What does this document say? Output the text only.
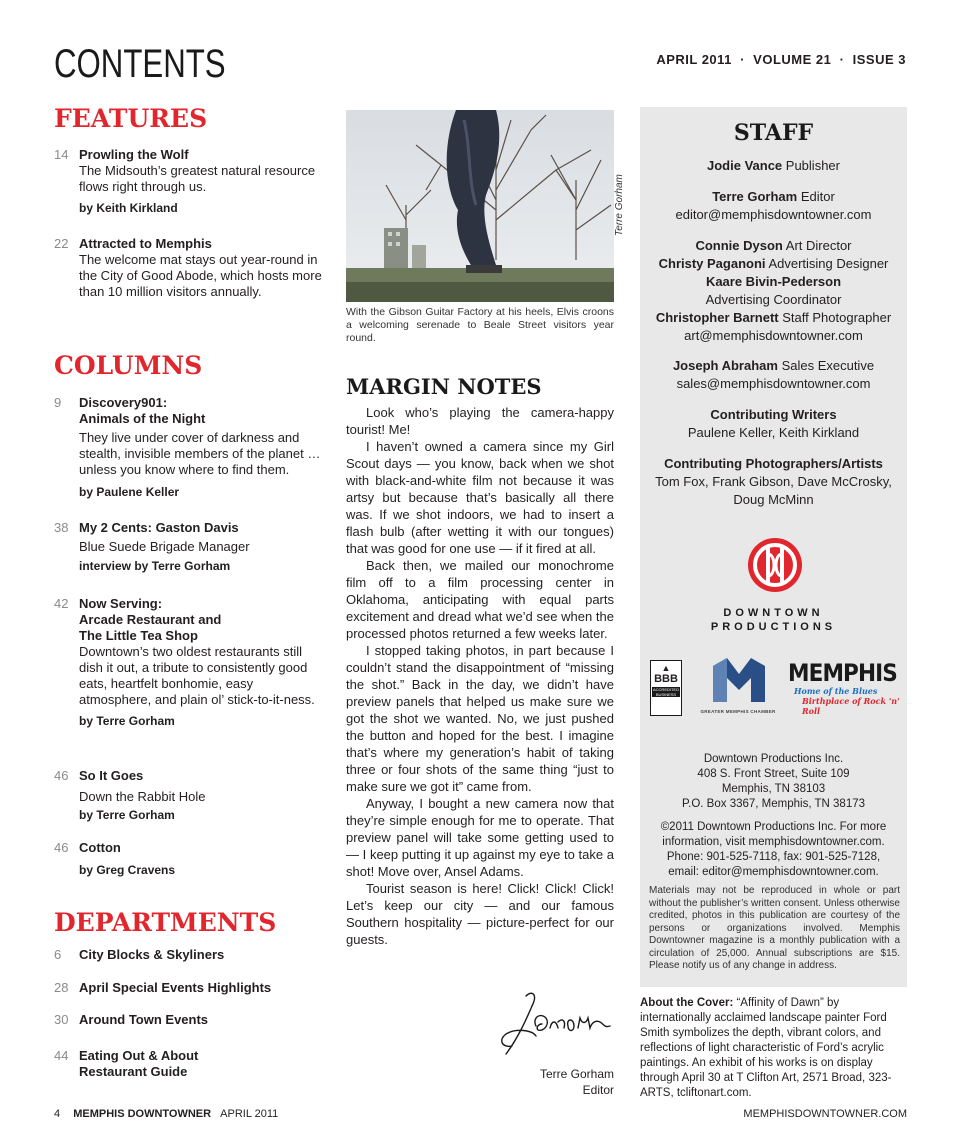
CONTENTS	APRIL 2011  ·  VOLUME 21  ·  ISSUE 3
FEATURES
14 Prowling the Wolf
The Midsouth’s greatest natural resource flows right through us.
by Keith Kirkland
22 Attracted to Memphis
The welcome mat stays out year-round in the City of Good Abode, which hosts more than 10 million visitors annually.
COLUMNS
9 Discovery901:
Animals of the Night
They live under cover of darkness and stealth, invisible members of the planet … unless you know where to find them.
by Paulene Keller
38 My 2 Cents: Gaston Davis
Blue Suede Brigade Manager
interview by Terre Gorham
42 Now Serving:
Arcade Restaurant and
The Little Tea Shop
Downtown’s two oldest restaurants still dish it out, a tribute to consistently good eats, heartfelt bonhomie, easy atmosphere, and plain ol’ stick-to-it-ness.
by Terre Gorham
46 So It Goes
Down the Rabbit Hole
by Terre Gorham
46 Cotton
by Greg Cravens
DEPARTMENTS
6 City Blocks & Skyliners
28 April Special Events Highlights
30 Around Town Events
44 Eating Out & About
Restaurant Guide
Terre Gorham
With the Gibson Guitar Factory at his heels, Elvis croons a welcoming serenade to Beale Street visitors year round.
MARGIN NOTES

Look who’s playing the camera-happy tourist! Me!

I haven’t owned a camera since my Girl Scout days — you know, back when we shot with black-and-white film not because it was artsy but because that’s basically all there was. If we shot indoors, we had to insert a flash bulb (after wetting it with our tongues) that was good for one use — if it fired at all.

Back then, we mailed our monochrome film off to a film processing center in Oklahoma, anticipating with equal parts excitement and dread what we’d see when the processed photos returned a few weeks later.

I stopped taking photos, in part because I couldn’t stand the disappointment of “missing the shot.” Back in the day, we didn’t have preview panels that helped us make sure we got the shot we wanted. No, we just pushed the button and hoped for the best. I imagine that’s where my generation’s habit of taking three or four shots of the same thing “just to make sure we got it” came from.

Anyway, I bought a new camera now that they’re simple enough for me to operate. That preview panel will take some getting used to — I keep putting it up against my eye to take a shot! Move over, Ansel Adams.

Tourist season is here! Click! Click! Click! Let’s keep our city — and our famous Southern hospitality — picture-perfect for our guests.

Terre Gorham
Editor
STAFF
Jodie Vance Publisher
Terre Gorham Editor
editor@memphisdowntowner.com
Connie Dyson Art Director
Christy Paganoni Advertising Designer
Kaare Bivin-Pederson
Advertising Coordinator
Christopher Barnett Staff Photographer
art@memphisdowntowner.com
Joseph Abraham Sales Executive
sales@memphisdowntowner.com
Contributing Writers
Paulene Keller, Keith Kirkland
Contributing Photographers/Artists
Tom Fox, Frank Gibson, Dave McCrosky, Doug McMinn
DOWNTOWN
PRODUCTIONS
▲
BBB
ACCREDITED BUSINESS
GREATER MEMPHIS CHAMBER
MEMPHIS
Home of the Blues
Birthplace of Rock 'n' Roll
Downtown Productions Inc.
408 S. Front Street, Suite 109
Memphis, TN 38103
P.O. Box 3367, Memphis, TN 38173
©2011 Downtown Productions Inc. For more information, visit memphisdowntowner.com. Phone: 901-525-7118, fax: 901-525-7128, email: editor@memphisdowntowner.com.
Materials may not be reproduced in whole or part without the publisher’s written consent. Unless otherwise credited, photos in this publication are courtesy of the persons or organizations involved. Memphis Downtowner magazine is a monthly publication with a circulation of 25,000. Annual subscriptions are $15. Please notify us of any change in address.
About the Cover: “Affinity of Dawn” by internationally acclaimed landscape painter Ford Smith symbolizes the depth, vibrant colors, and reflections of light characteristic of Ford’s acrylic paintings. An exhibit of his works is on display through April 30 at T Clifton Art, 2571 Broad, 323-ARTS, tcliftonart.com.
4 MEMPHIS DOWNTOWNER APRIL 2011	MEMPHISDOWNTOWNER.COM
